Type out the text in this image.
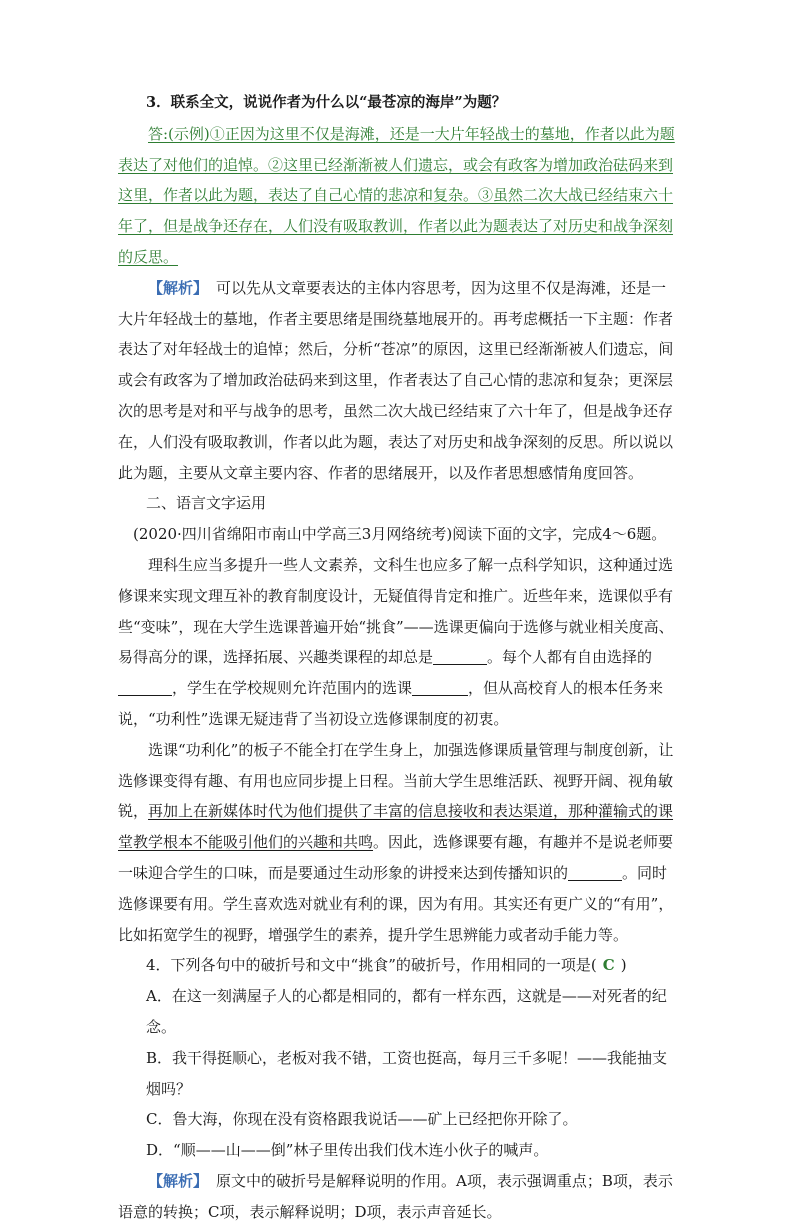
3．联系全文，说说作者为什么以“最苍凉的海岸”为题？

答:(示例)①正因为这里不仅是海滩，还是一大片年轻战士的墓地，作者以此为题表达了对他们的追悼。②这里已经渐渐被人们遗忘，或会有政客为增加政治砝码来到这里，作者以此为题，表达了自己心情的悲凉和复杂。③虽然二次大战已经结束六十年了，但是战争还存在，人们没有吸取教训，作者以此为题表达了对历史和战争深刻的反思。

【解析】 可以先从文章要表达的主体内容思考，因为这里不仅是海滩，还是一大片年轻战士的墓地，作者主要思绪是围绕墓地展开的。再考虑概括一下主题：作者表达了对年轻战士的追悼；然后，分析“苍凉”的原因，这里已经渐渐被人们遗忘，间或会有政客为了增加政治砝码来到这里，作者表达了自己心情的悲凉和复杂；更深层次的思考是对和平与战争的思考，虽然二次大战已经结束了六十年了，但是战争还存在，人们没有吸取教训，作者以此为题，表达了对历史和战争深刻的反思。所以说以此为题，主要从文章主要内容、作者的思绪展开，以及作者思想感情角度回答。

二、语言文字运用

(2020·四川省绵阳市南山中学高三3月网络统考)阅读下面的文字，完成4～6题。

理科生应当多提升一些人文素养，文科生也应多了解一点科学知识，这种通过选修课来实现文理互补的教育制度设计，无疑值得肯定和推广。近些年来，选课似乎有些“变味”，现在大学生选课普遍开始“挑食”——选课更偏向于选修与就业相关度高、易得高分的课，选择拓展、兴趣类课程的却总是	。每个人都有自由选择的，学生在学校规则允许范围内的选课	，但从高校育人的根本任务来说，“功利性”选课无疑违背了当初设立选修课制度的初衷。

选课“功利化”的板子不能全打在学生身上，加强选修课质量管理与制度创新，让选修课变得有趣、有用也应同步提上日程。当前大学生思维活跃、视野开阔、视角敏锐，再加上在新媒体时代为他们提供了丰富的信息接收和表达渠道，那种灌输式的课堂教学根本不能吸引他们的兴趣和共鸣。因此，选修课要有趣，有趣并不是说老师要一味迎合学生的口味，而是要通过生动形象的讲授来达到传播知识的	。同时选修课要有用。学生喜欢选对就业有利的课，因为有用。其实还有更广义的“有用”，比如拓宽学生的视野，增强学生的素养，提升学生思辨能力或者动手能力等。

4．下列各句中的破折号和文中“挑食”的破折号，作用相同的一项是( C )

A．在这一刻满屋子人的心都是相同的，都有一样东西，这就是——对死者的纪念。

B．我干得挺顺心，老板对我不错，工资也挺高，每月三千多呢！——我能抽支烟吗？

C．鲁大海，你现在没有资格跟我说话——矿上已经把你开除了。

D．“顺——山——倒”林子里传出我们伐木连小伙子的喊声。

【解析】 原文中的破折号是解释说明的作用。A项，表示强调重点；B项，表示语意的转换；C项，表示解释说明；D项，表示声音延长。
